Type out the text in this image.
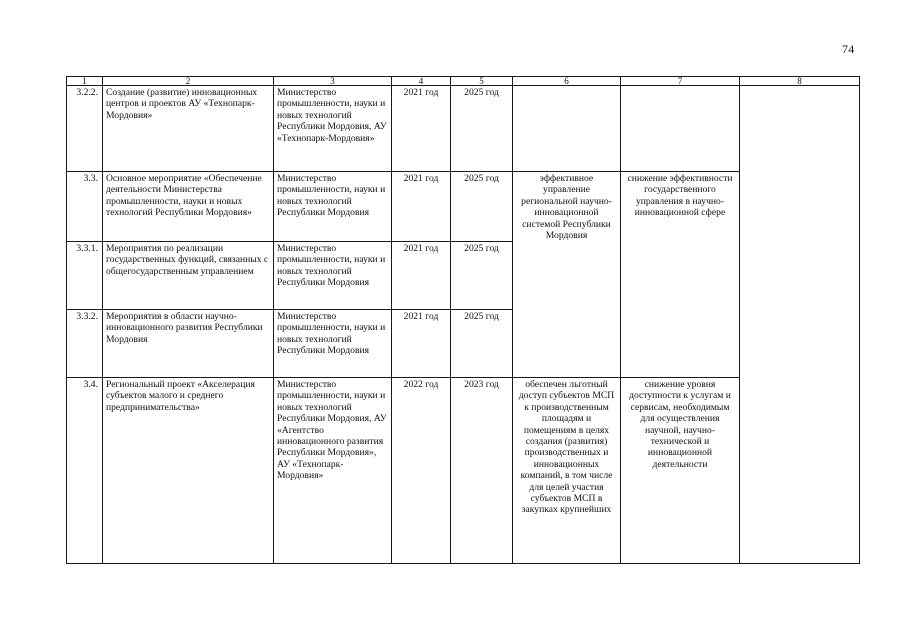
74
1	2	3	4	5	6	7	8
3.2.2.	Создание (развитие) инновационных центров и проектов АУ «Технопарк-Мордовия»	Министерство промышленности, науки и новых технологий Республики Мордовия, АУ «Технопарк-Мордовия»	2021 год	2025 год			
3.3.	Основное мероприятие «Обеспечение деятельности Министерства промышленности, науки и новых технологий Республики Мордовия»	Министерство промышленности, науки и новых технологий Республики Мордовия	2021 год	2025 год	эффективное управление региональной научно-инновационной системой Республики Мордовия	снижение эффективности государственного управления в научно-инновационной сфере	
3.3.1.	Мероприятия по реализации государственных функций, связанных с общегосударственным управлением	Министерство промышленности, науки и новых технологий Республики Мордовия	2021 год	2025 год			
3.3.2.	Мероприятия в области научно-инновационного развития Республики Мордовия	Министерство промышленности, науки и новых технологий Республики Мордовия	2021 год	2025 год			
3.4.	Региональный проект «Акселерация субъектов малого и среднего предпринимательства»	Министерство промышленности, науки и новых технологий Республики Мордовия, АУ «Агентство инновационного развития Республики Мордовия», АУ «Технопарк-Мордовия»	2022 год	2023 год	обеспечен льготный доступ субъектов МСП к производственным площадям и помещениям в целях создания (развития) производственных и инновационных компаний, в том числе для целей участия субъектов МСП в закупках крупнейших	снижение уровня доступности к услугам и сервисам, необходимым для осуществления научной, научно-технической и инновационной деятельности	
